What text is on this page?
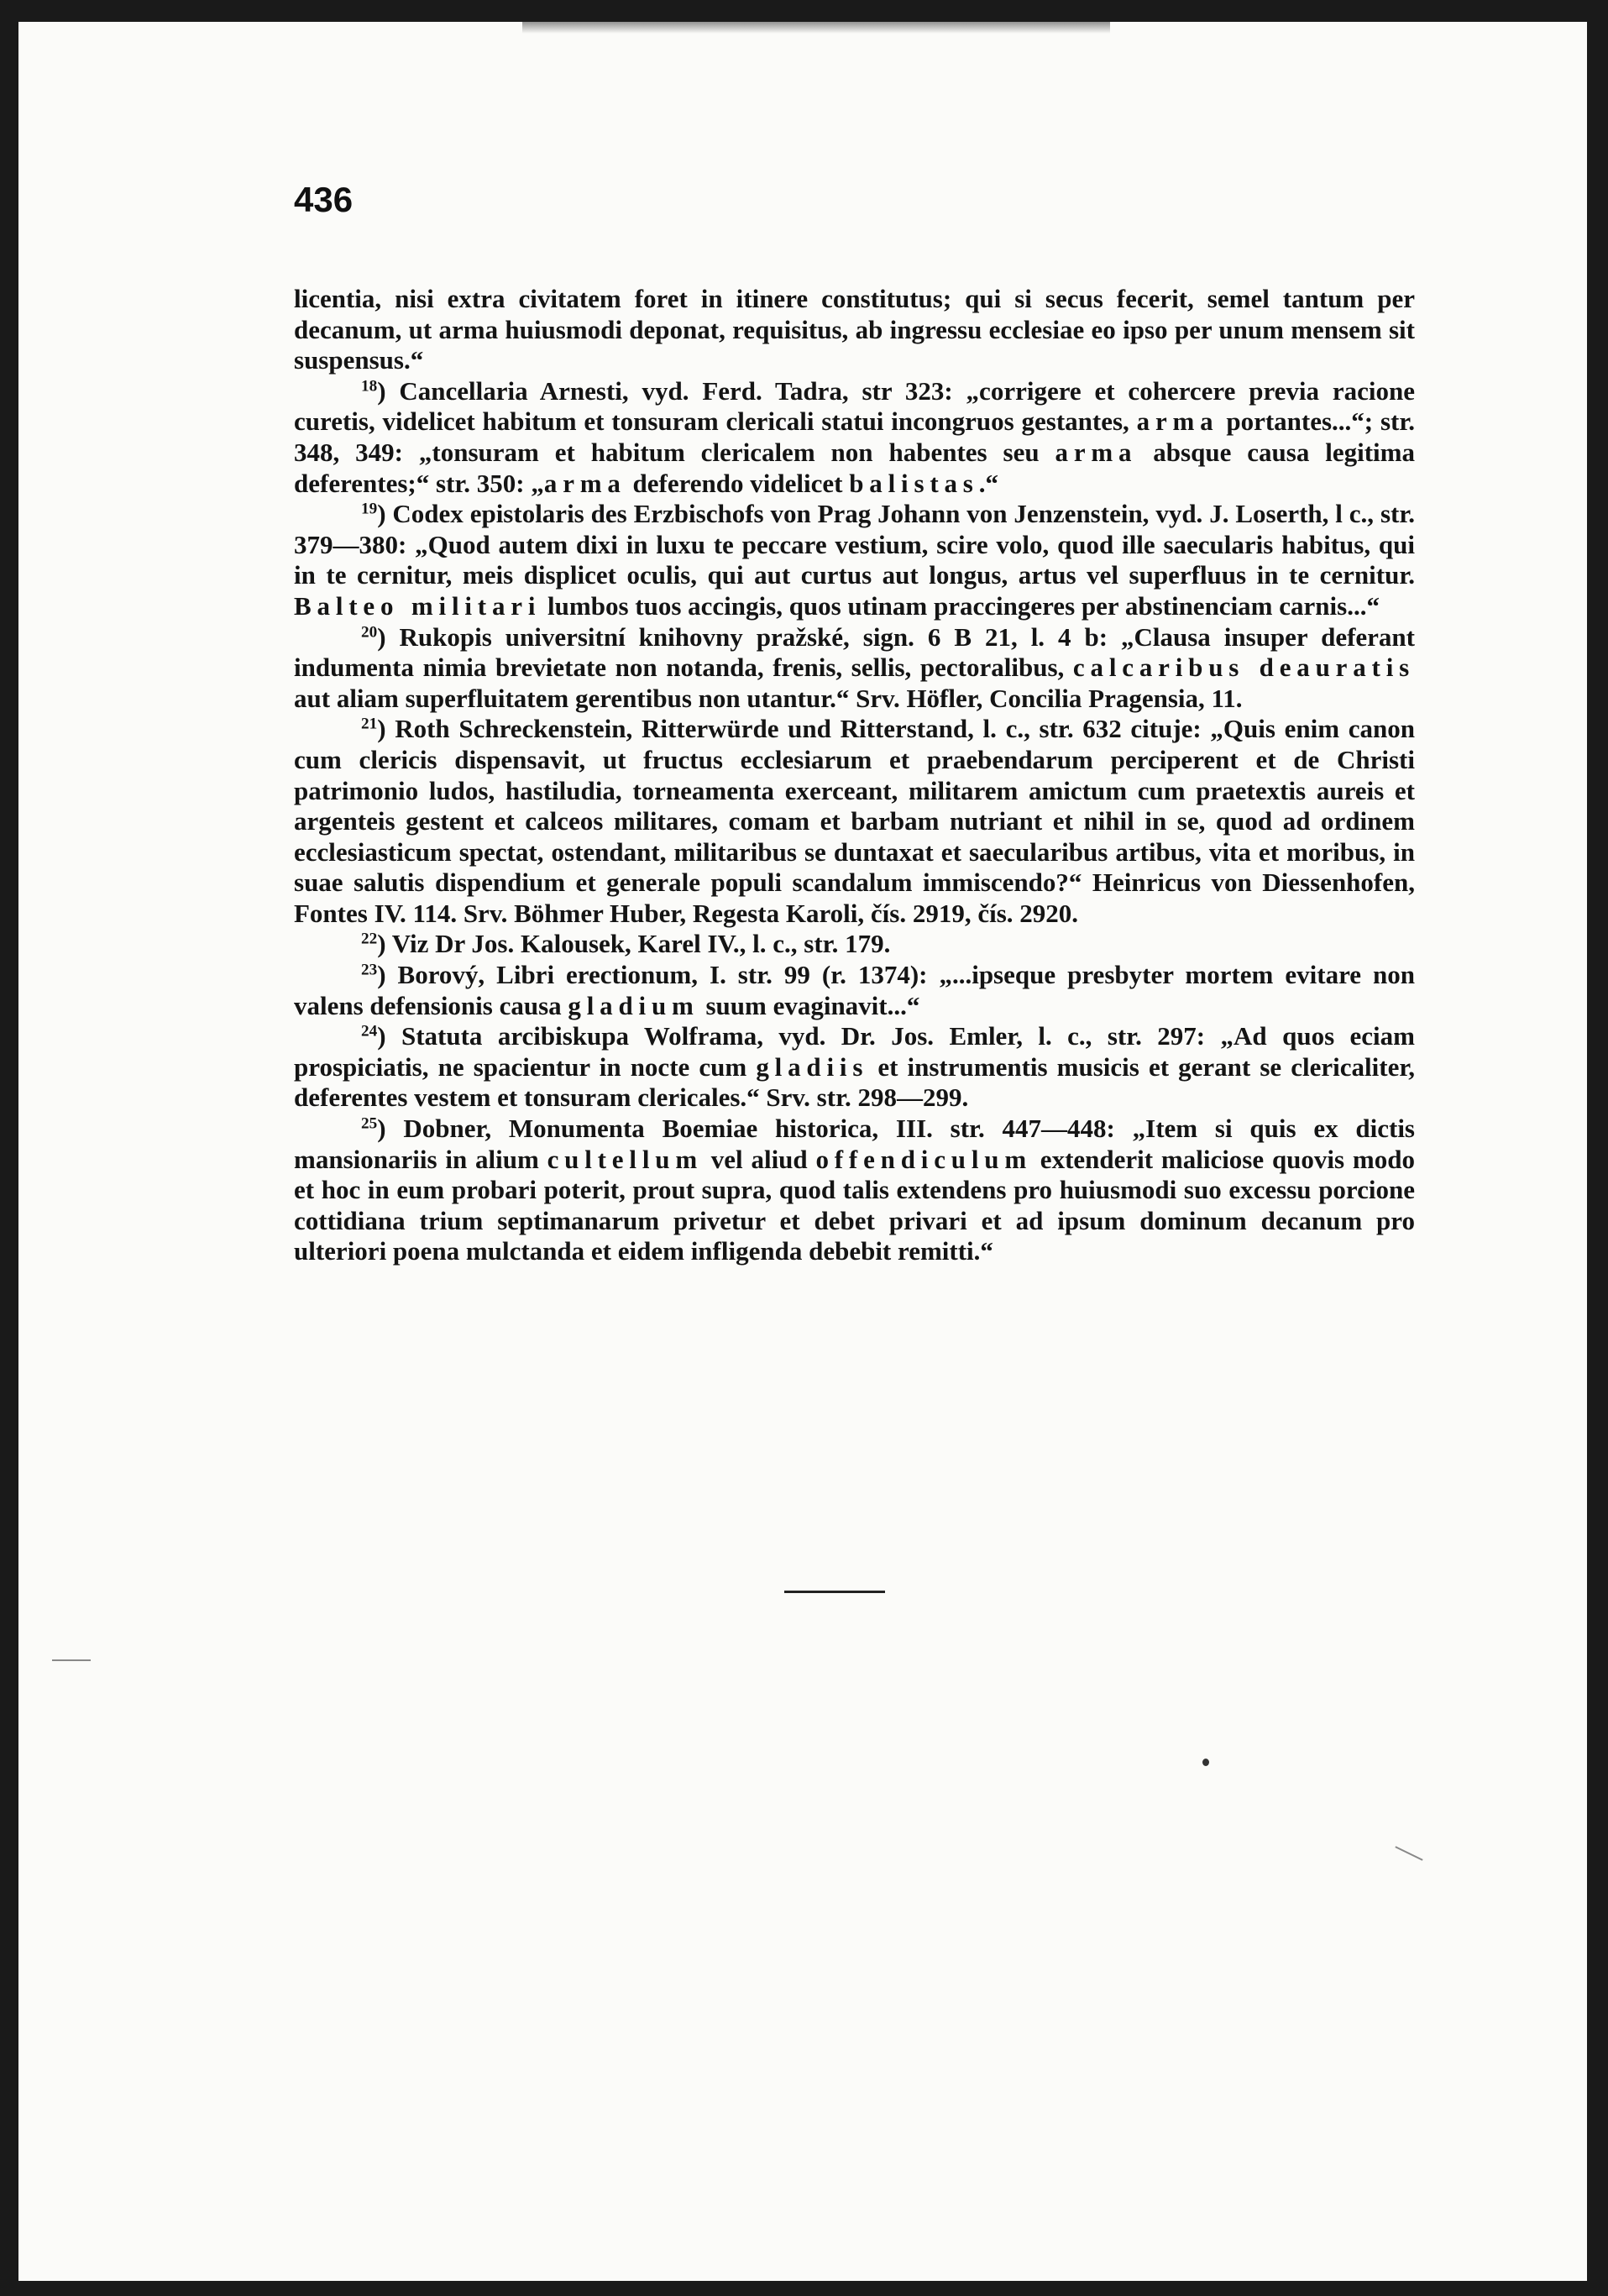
436

licentia, nisi extra civitatem foret in itinere constitutus; qui si secus fecerit, semel tantum per decanum, ut arma huiusmodi deponat, requisitus, ab ingressu ecclesiae eo ipso per unum mensem sit suspensus.“

$^{18}$) Cancellaria Arnesti, vyd. Ferd. Tadra, str 323: „corrigere et cohercere previa racione curetis, videlicet habitum et tonsuram clericali statui incongruos gestantes, arma portantes...“; str. 348, 349: „tonsuram et habitum clericalem non habentes seu arma absque causa legitima deferentes;“ str. 350: „arma deferendo videlicet balistas.“

$^{19}$) Codex epistolaris des Erzbischofs von Prag Johann von Jenzenstein, vyd. J. Loserth, l c., str. 379—380: „Quod autem dixi in luxu te peccare vestium, scire volo, quod ille saecularis habitus, qui in te cernitur, meis displicet oculis, qui aut curtus aut longus, artus vel superfluus in te cernitur. Balteo militari lumbos tuos accingis, quos utinam praccingeres per abstinenciam carnis...“

$^{20}$) Rukopis universitní knihovny pražské, sign. 6 B 21, l. 4 b: „Clausa insuper deferant indumenta nimia brevietate non notanda, frenis, sellis, pectoralibus, calcaribus deauratis aut aliam superfluitatem gerentibus non utantur.“ Srv. Höfler, Concilia Pragensia, 11.

$^{21}$) Roth Schreckenstein, Ritterwürde und Ritterstand, l. c., str. 632 cituje: „Quis enim canon cum clericis dispensavit, ut fructus ecclesiarum et praebendarum perciperent et de Christi patrimonio ludos, hastiludia, torneamenta exerceant, militarem amictum cum praetextis aureis et argenteis gestent et calceos militares, comam et barbam nutriant et nihil in se, quod ad ordinem ecclesiasticum spectat, ostendant, militaribus se duntaxat et saecularibus artibus, vita et moribus, in suae salutis dispendium et generale populi scandalum immiscendo?“ Heinricus von Diessenhofen, Fontes IV. 114. Srv. Böhmer Huber, Regesta Karoli, čís. 2919, čís. 2920.

$^{22}$) Viz Dr Jos. Kalousek, Karel IV., l. c., str. 179.

$^{23}$) Borový, Libri erectionum, I. str. 99 (r. 1374): „...ipseque presbyter mortem evitare non valens defensionis causa gladium suum evaginavit...“

$^{24}$) Statuta arcibiskupa Wolframa, vyd. Dr. Jos. Emler, l. c., str. 297: „Ad quos eciam prospiciatis, ne spacientur in nocte cum gladiis et instrumentis musicis et gerant se clericaliter, deferentes vestem et tonsuram clericales.“ Srv. str. 298—299.

$^{25}$) Dobner, Monumenta Boemiae historica, III. str. 447—448: „Item si quis ex dictis mansionariis in alium cultellum vel aliud offendiculum extenderit maliciose quovis modo et hoc in eum probari poterit, prout supra, quod talis extendens pro huiusmodi suo excessu porcione cottidiana trium septimanarum privetur et debet privari et ad ipsum dominum decanum pro ulteriori poena mulctanda et eidem infligenda debebit remitti.“
